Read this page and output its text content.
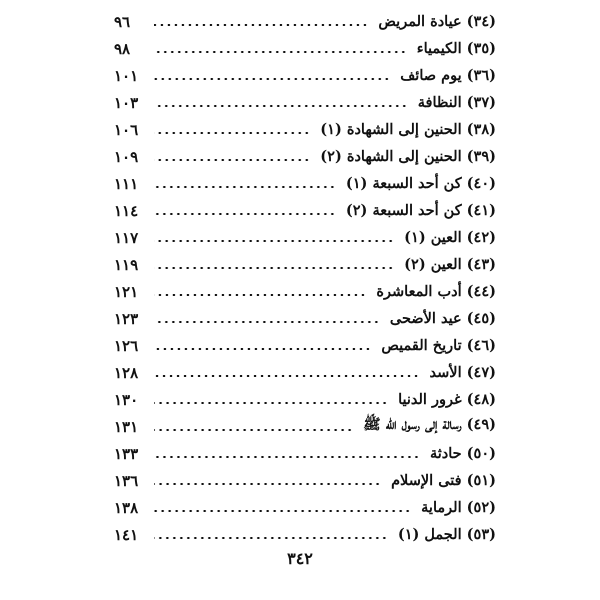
(٣٤) عيادة المريض
٩٦
(٣٥) الكيمياء
٩٨
(٣٦) يوم صائف
١٠١
(٣٧) النظافة
١٠٣
(٣٨) الحنين إلى الشهادة (١)
١٠٦
(٣٩) الحنين إلى الشهادة (٢)
١٠٩
(٤٠) كن أحد السبعة (١)
١١١
(٤١) كن أحد السبعة (٢)
١١٤
(٤٢) العين (١)
١١٧
(٤٣) العين (٢)
١١٩
(٤٤) أدب المعاشرة
١٢١
(٤٥) عيد الأضحى
١٢٣
(٤٦) تاريخ القميص
١٢٦
(٤٧) الأسد
١٢٨
(٤٨) غرور الدنيا
١٣٠
(٤٩) رسالة إلى رسول الله ﷺ
١٣١
(٥٠) حادثة
١٣٣
(٥١) فتى الإسلام
١٣٦
(٥٢) الرماية
١٣٨
(٥٣) الجمل (١)
١٤١
٣٤٢
